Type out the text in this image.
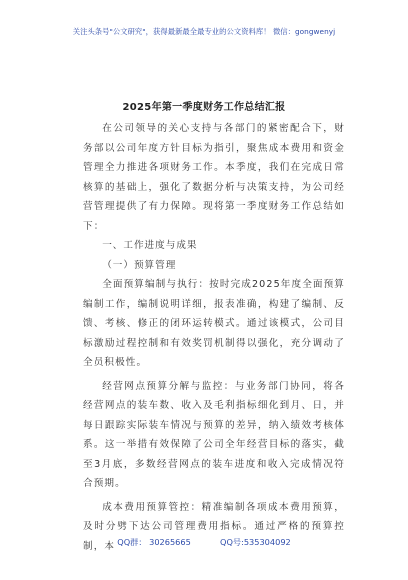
关注头条号"公文研究"，获得最新最全最专业的公文资料库！ 微信：gongwenyj
2025年第一季度财务工作总结汇报

在公司领导的关心支持与各部门的紧密配合下，财务部以公司年度方针目标为指引，聚焦成本费用和资金管理全力推进各项财务工作。本季度，我们在完成日常核算的基础上，强化了数据分析与决策支持，为公司经营管理提供了有力保障。现将第一季度财务工作总结如下：

一、工作进度与成果

（一）预算管理

全面预算编制与执行：按时完成2025年度全面预算编制工作，编制说明详细，报表准确，构建了编制、反馈、考核、修正的闭环运转模式。通过该模式，公司目标激励过程控制和有效奖罚机制得以强化，充分调动了全员积极性。

经营网点预算分解与监控：与业务部门协同，将各经营网点的装车数、收入及毛利指标细化到月、日，并每日跟踪实际装车情况与预算的差异，纳入绩效考核体系。这一举措有效保障了公司全年经营目标的落实，截至3月底，多数经营网点的装车进度和收入完成情况符合预期。

成本费用预算管控：精准编制各项成本费用预算，及时分劈下达公司管理费用指标。通过严格的预算控制，本 QQ群： 30265665	QQ号:535304092
